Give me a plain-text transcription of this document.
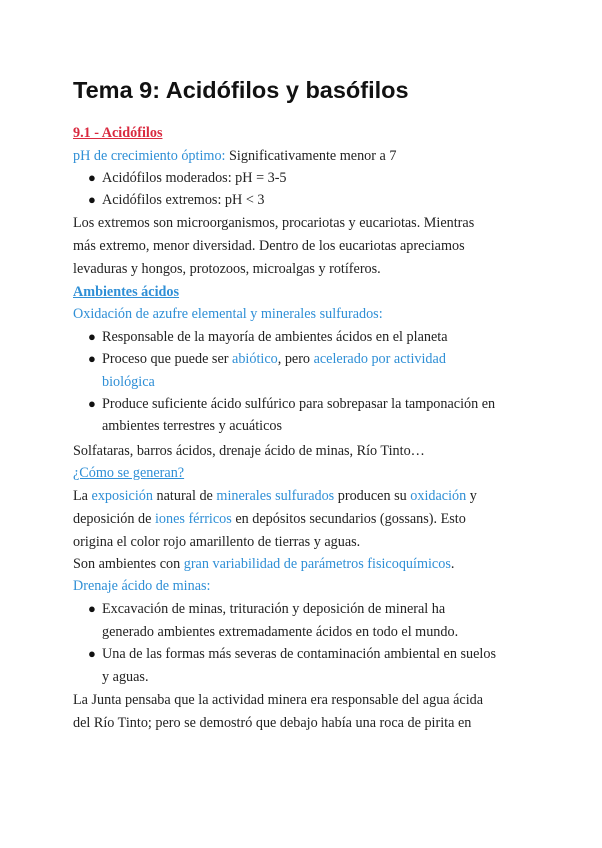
Tema 9: Acidófilos y basófilos
9.1 - Acidófilos
pH de crecimiento óptimo: Significativamente menor a 7
● Acidófilos moderados: pH = 3-5
● Acidófilos extremos: pH < 3
Los extremos son microorganismos, procariotas y eucariotas. Mientras
más extremo, menor diversidad. Dentro de los eucariotas apreciamos
levaduras y hongos, protozoos, microalgas y rotíferos.
Ambientes ácidos
Oxidación de azufre elemental y minerales sulfurados:
● Responsable de la mayoría de ambientes ácidos en el planeta
● Proceso que puede ser abiótico, pero acelerado por actividad
biológica
● Produce suficiente ácido sulfúrico para sobrepasar la tamponación en
ambientes terrestres y acuáticos
Solfataras, barros ácidos, drenaje ácido de minas, Río Tinto…
¿Cómo se generan?
La exposición natural de minerales sulfurados producen su oxidación y
deposición de iones férricos en depósitos secundarios (gossans). Esto
origina el color rojo amarillento de tierras y aguas.
Son ambientes con gran variabilidad de parámetros fisicoquímicos.
Drenaje ácido de minas:
● Excavación de minas, trituración y deposición de mineral ha
generado ambientes extremadamente ácidos en todo el mundo.
● Una de las formas más severas de contaminación ambiental en suelos
y aguas.
La Junta pensaba que la actividad minera era responsable del agua ácida
del Río Tinto; pero se demostró que debajo había una roca de pirita en
